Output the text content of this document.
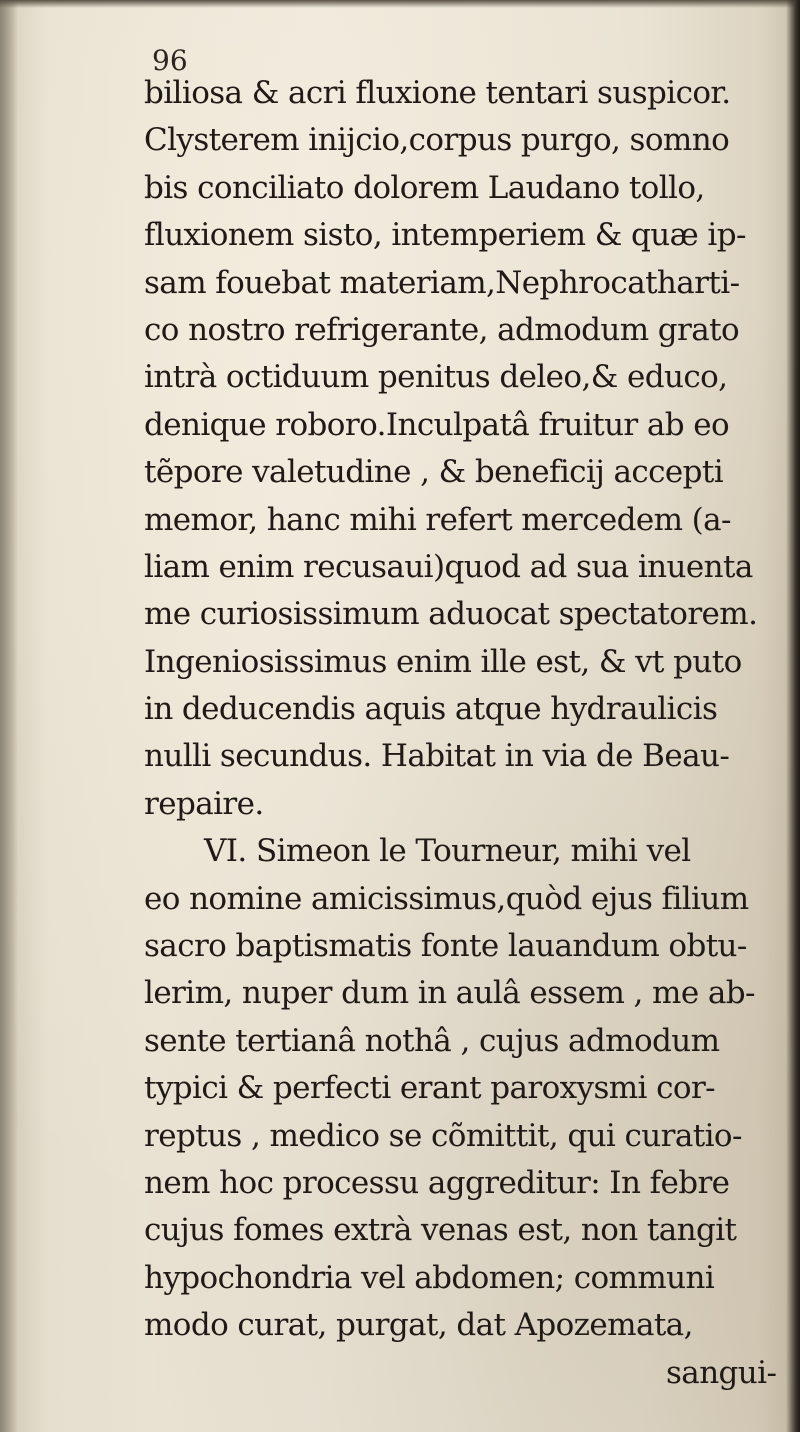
96
biliosa & acri fluxione tentari suspicor.
Clysterem inijcio,corpus purgo, somno
bis conciliato dolorem Laudano tollo,
fluxionem sisto, intemperiem & quæ ip-
sam fouebat materiam,Nephrocatharti-
co nostro refrigerante, admodum grato
intrà octiduum penitus deleo,& educo,
denique roboro.Inculpatâ fruitur ab eo
tẽpore valetudine , & beneficij accepti
memor, hanc mihi refert mercedem (a-
liam enim recusaui)quod ad sua inuenta
me curiosissimum aduocat spectatorem.
Ingeniosissimus enim ille est, & vt puto
in deducendis aquis atque hydraulicis
nulli secundus. Habitat in via de Beau-
repaire.
VI. Simeon le Tourneur, mihi vel
eo nomine amicissimus,quòd ejus filium
sacro baptismatis fonte lauandum obtu-
lerim, nuper dum in aulâ essem , me ab-
sente tertianâ nothâ , cujus admodum
typici & perfecti erant paroxysmi cor-
reptus , medico se cõmittit, qui curatio-
nem hoc processu aggreditur: In febre
cujus fomes extrà venas est, non tangit
hypochondria vel abdomen; communi
modo curat, purgat, dat Apozemata,
sangui-
